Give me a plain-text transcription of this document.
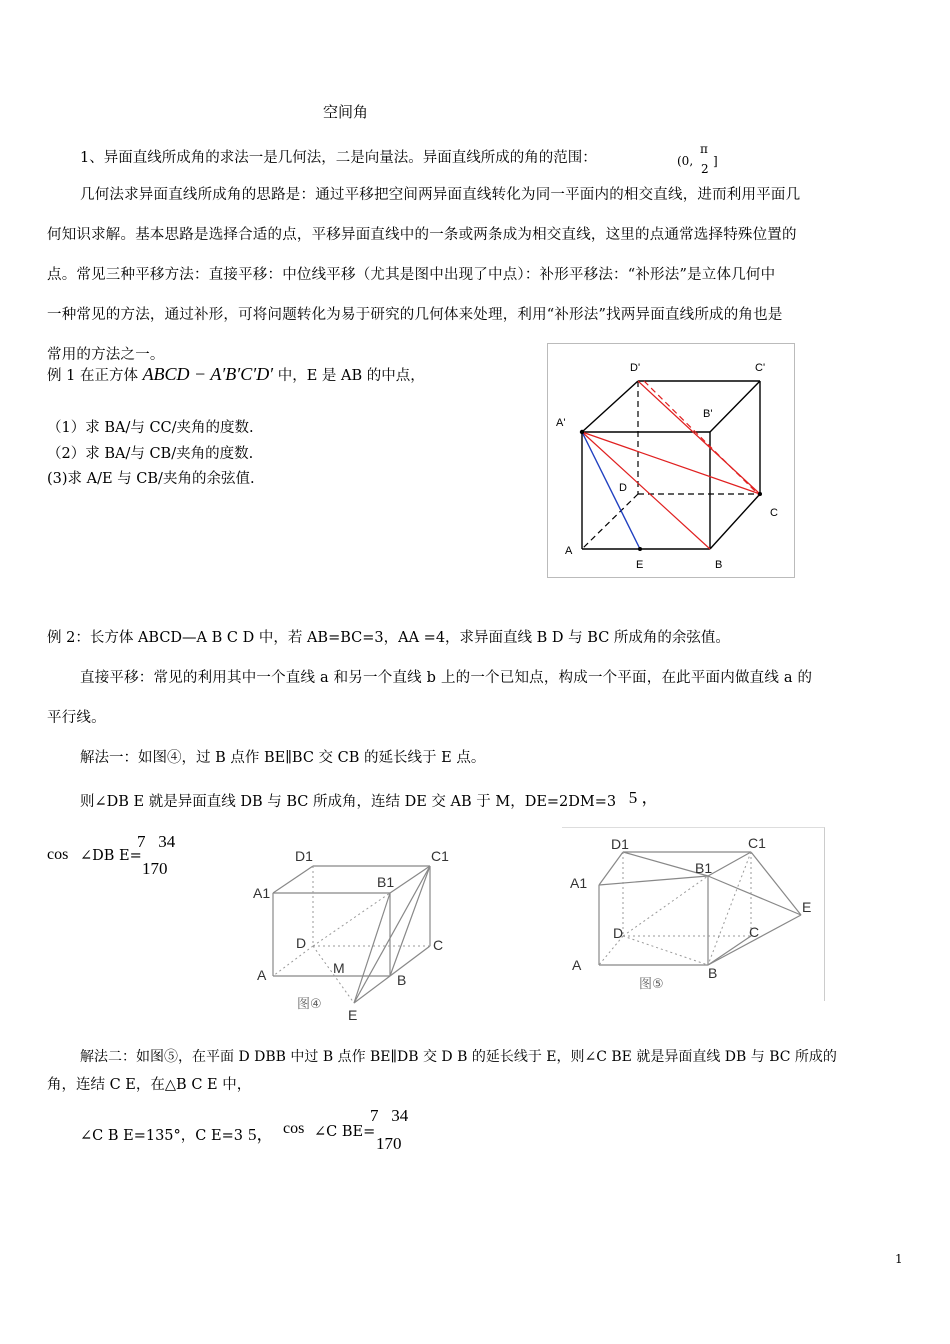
空间角
1、异面直线所成角的求法一是几何法，二是向量法。异面直线所成的角的范围：	(0,
π
2
]
几何法求异面直线所成角的思路是：通过平移把空间两异面直线转化为同一平面内的相交直线，进而利用平面几
何知识求解。基本思路是选择合适的点，平移异面直线中的一条或两条成为相交直线，这里的点通常选择特殊位置的
点。常见三种平移方法：直接平移：中位线平移（尤其是图中出现了中点）：补形平移法：“补形法”是立体几何中
一种常见的方法，通过补形，可将问题转化为易于研究的几何体来处理，利用“补形法”找两异面直线所成的角也是
常用的方法之一。
例 1 在正方体 ABCD − A′B′C′D′ 中，E 是 AB 的中点，
（1）求 BA/与 CC/夹角的度数.
（2）求 BA/与 CB/夹角的度数.
(3)求 A/E 与 CB/夹角的余弦值.
D'	C'
A'
B'
D
C
A
E	B
例 2：长方体 ABCD—A B C D 中，若 AB=BC=3，AA =4，求异面直线 B D 与 BC 所成角的余弦值。
直接平移：常见的利用其中一个直线 a 和另一个直线 b 上的一个已知点，构成一个平面，在此平面内做直线 a 的
平行线。
解法一：如图④，过 B 点作 BE∥BC 交 CB 的延长线于 E 点。
则∠DB E 就是异面直线 DB 与 BC 所成角，连结 DE 交 AB 于 M，DE=2DM=3 5 ，
cos ∠DB E=
7   34
170
D1	C1
A1
B1
D	C
A	M
B
E
图④
D1	C1
A1
B1
E
D	C
A	B
图⑤
解法二：如图⑤，在平面 D DBB 中过 B 点作 BE∥DB 交 D B 的延长线于 E，则∠C BE 就是异面直线 DB 与 BC 所成的
角，连结 C E，在△B C E 中，
∠C B E=135°，C E=3 5， cos ∠C BE=
7   34
170
1
